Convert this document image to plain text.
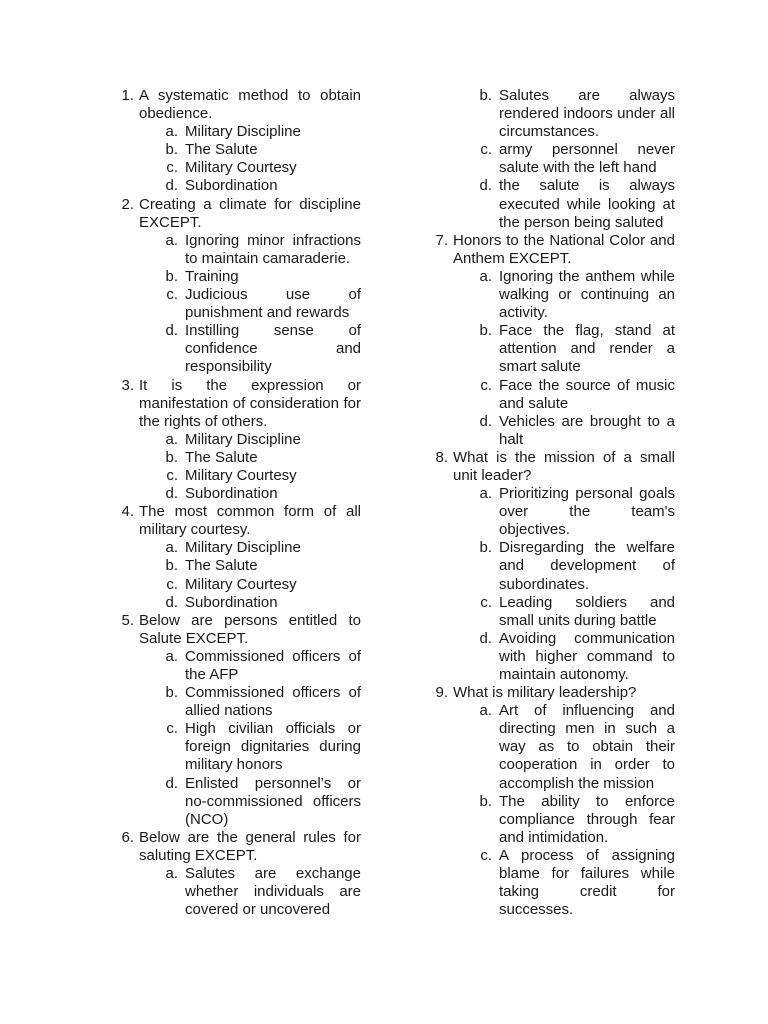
1. A systematic method to obtain obedience.
a. Military Discipline
b. The Salute
c. Military Courtesy
d. Subordination
2. Creating a climate for discipline EXCEPT.
a. Ignoring minor infractions to maintain camaraderie.
b. Training
c. Judicious use of punishment and rewards
d. Instilling sense of confidence and responsibility
3. It is the expression or manifestation of consideration for the rights of others.
a. Military Discipline
b. The Salute
c. Military Courtesy
d. Subordination
4. The most common form of all military courtesy.
a. Military Discipline
b. The Salute
c. Military Courtesy
d. Subordination
5. Below are persons entitled to Salute EXCEPT.
a. Commissioned officers of the AFP
b. Commissioned officers of allied nations
c. High civilian officials or foreign dignitaries during military honors
d. Enlisted personnel’s or no-commissioned officers (NCO)
6. Below are the general rules for saluting EXCEPT.
a. Salutes are exchange whether individuals are covered or uncovered
b. Salutes are always rendered indoors under all circumstances.
c. army personnel never salute with the left hand
d. the salute is always executed while looking at the person being saluted
7. Honors to the National Color and Anthem EXCEPT.
a. Ignoring the anthem while walking or continuing an activity.
b. Face the flag, stand at attention and render a smart salute
c. Face the source of music and salute
d. Vehicles are brought to a halt
8. What is the mission of a small unit leader?
a. Prioritizing personal goals over the team's objectives.
b. Disregarding the welfare and development of subordinates.
c. Leading soldiers and small units during battle
d. Avoiding communication with higher command to maintain autonomy.
9. What is military leadership?
a. Art of influencing and directing men in such a way as to obtain their cooperation in order to accomplish the mission
b. The ability to enforce compliance through fear and intimidation.
c. A process of assigning blame for failures while taking credit for successes.
